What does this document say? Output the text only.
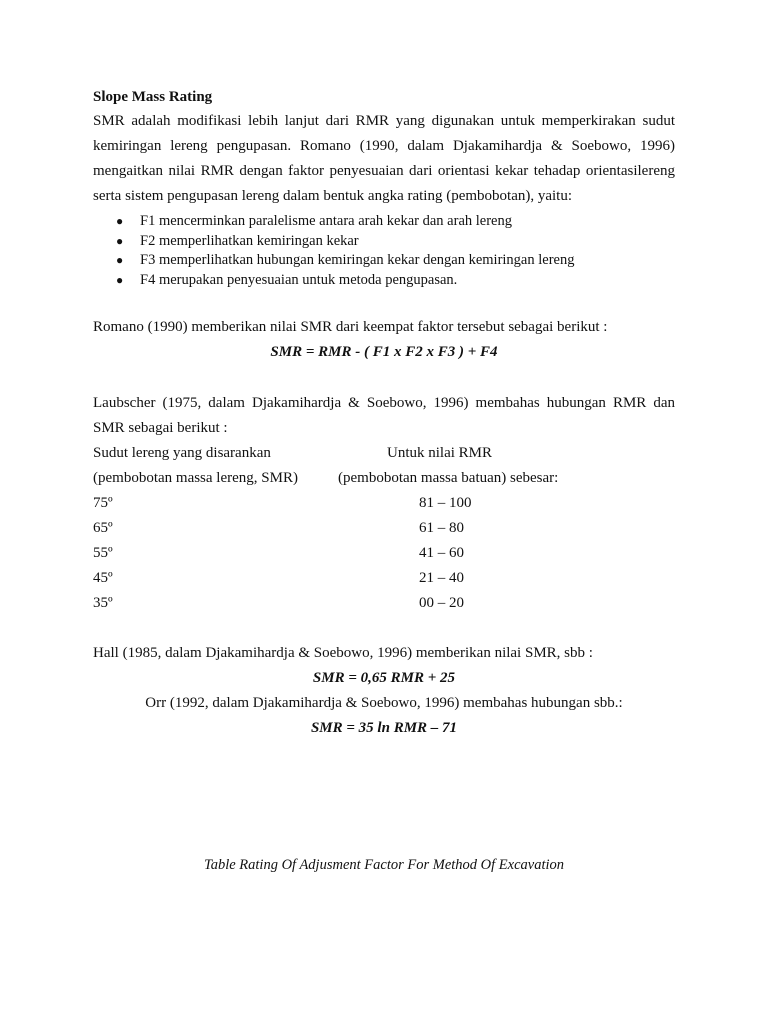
Slope Mass Rating
SMR adalah modifikasi lebih lanjut dari RMR yang digunakan untuk memperkirakan sudut kemiringan lereng pengupasan. Romano (1990, dalam Djakamihardja & Soebowo, 1996) mengaitkan nilai RMR dengan faktor penyesuaian dari orientasi kekar tehadap orientasilereng serta sistem pengupasan lereng dalam bentuk angka rating (pembobotan), yaitu:
● F1 mencerminkan paralelisme antara arah kekar dan arah lereng
● F2 memperlihatkan kemiringan kekar
● F3 memperlihatkan hubungan kemiringan kekar dengan kemiringan lereng
● F4 merupakan penyesuaian untuk metoda pengupasan.
Romano (1990) memberikan nilai SMR dari keempat faktor tersebut sebagai berikut :
SMR = RMR - ( F1 x F2 x F3 ) + F4
Laubscher (1975, dalam Djakamihardja & Soebowo, 1996) membahas hubungan RMR dan SMR sebagai berikut :
Sudut lereng yang disarankan	Untuk nilai RMR
(pembobotan massa lereng, SMR)	(pembobotan massa batuan) sebesar:
75º	81 – 100
65º	61 – 80
55º	41 – 60
45º	21 – 40
35º	00 – 20
Hall (1985, dalam Djakamihardja & Soebowo, 1996) memberikan nilai SMR, sbb :
SMR = 0,65 RMR + 25
Orr (1992, dalam Djakamihardja & Soebowo, 1996) membahas hubungan sbb.:
SMR = 35 ln RMR – 71
Table Rating Of Adjusment Factor For Method Of Excavation
